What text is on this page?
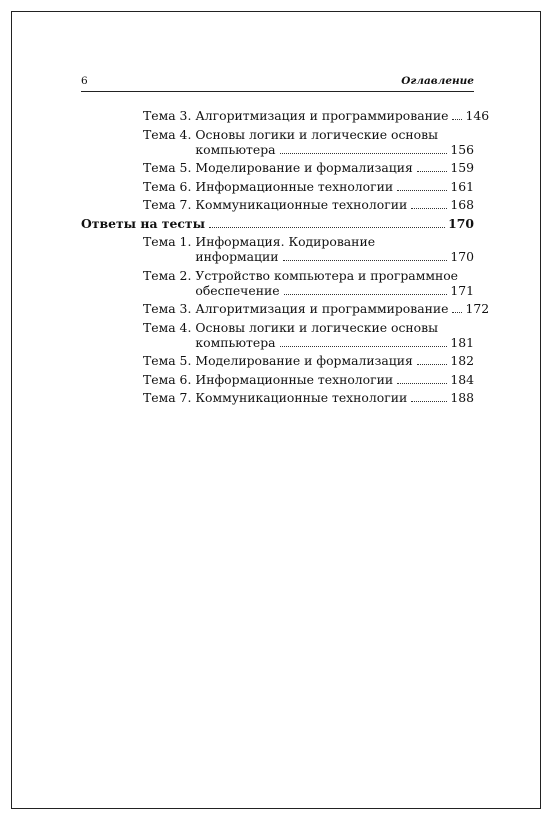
6	Оглавление
Тема 3. Алгоритмизация и программирование 146
Тема 4. Основы логики и логические основы
компьютера	156
Тема 5. Моделирование и формализация	159
Тема 6. Информационные технологии	161
Тема 7. Коммуникационные технологии	168
Ответы на тесты	170
Тема 1. Информация. Кодирование
информации	170
Тема 2. Устройство компьютера и программное
обеспечение	171
Тема 3. Алгоритмизация и программирование 172
Тема 4. Основы логики и логические основы
компьютера	181
Тема 5. Моделирование и формализация	182
Тема 6. Информационные технологии	184
Тема 7. Коммуникационные технологии	188
